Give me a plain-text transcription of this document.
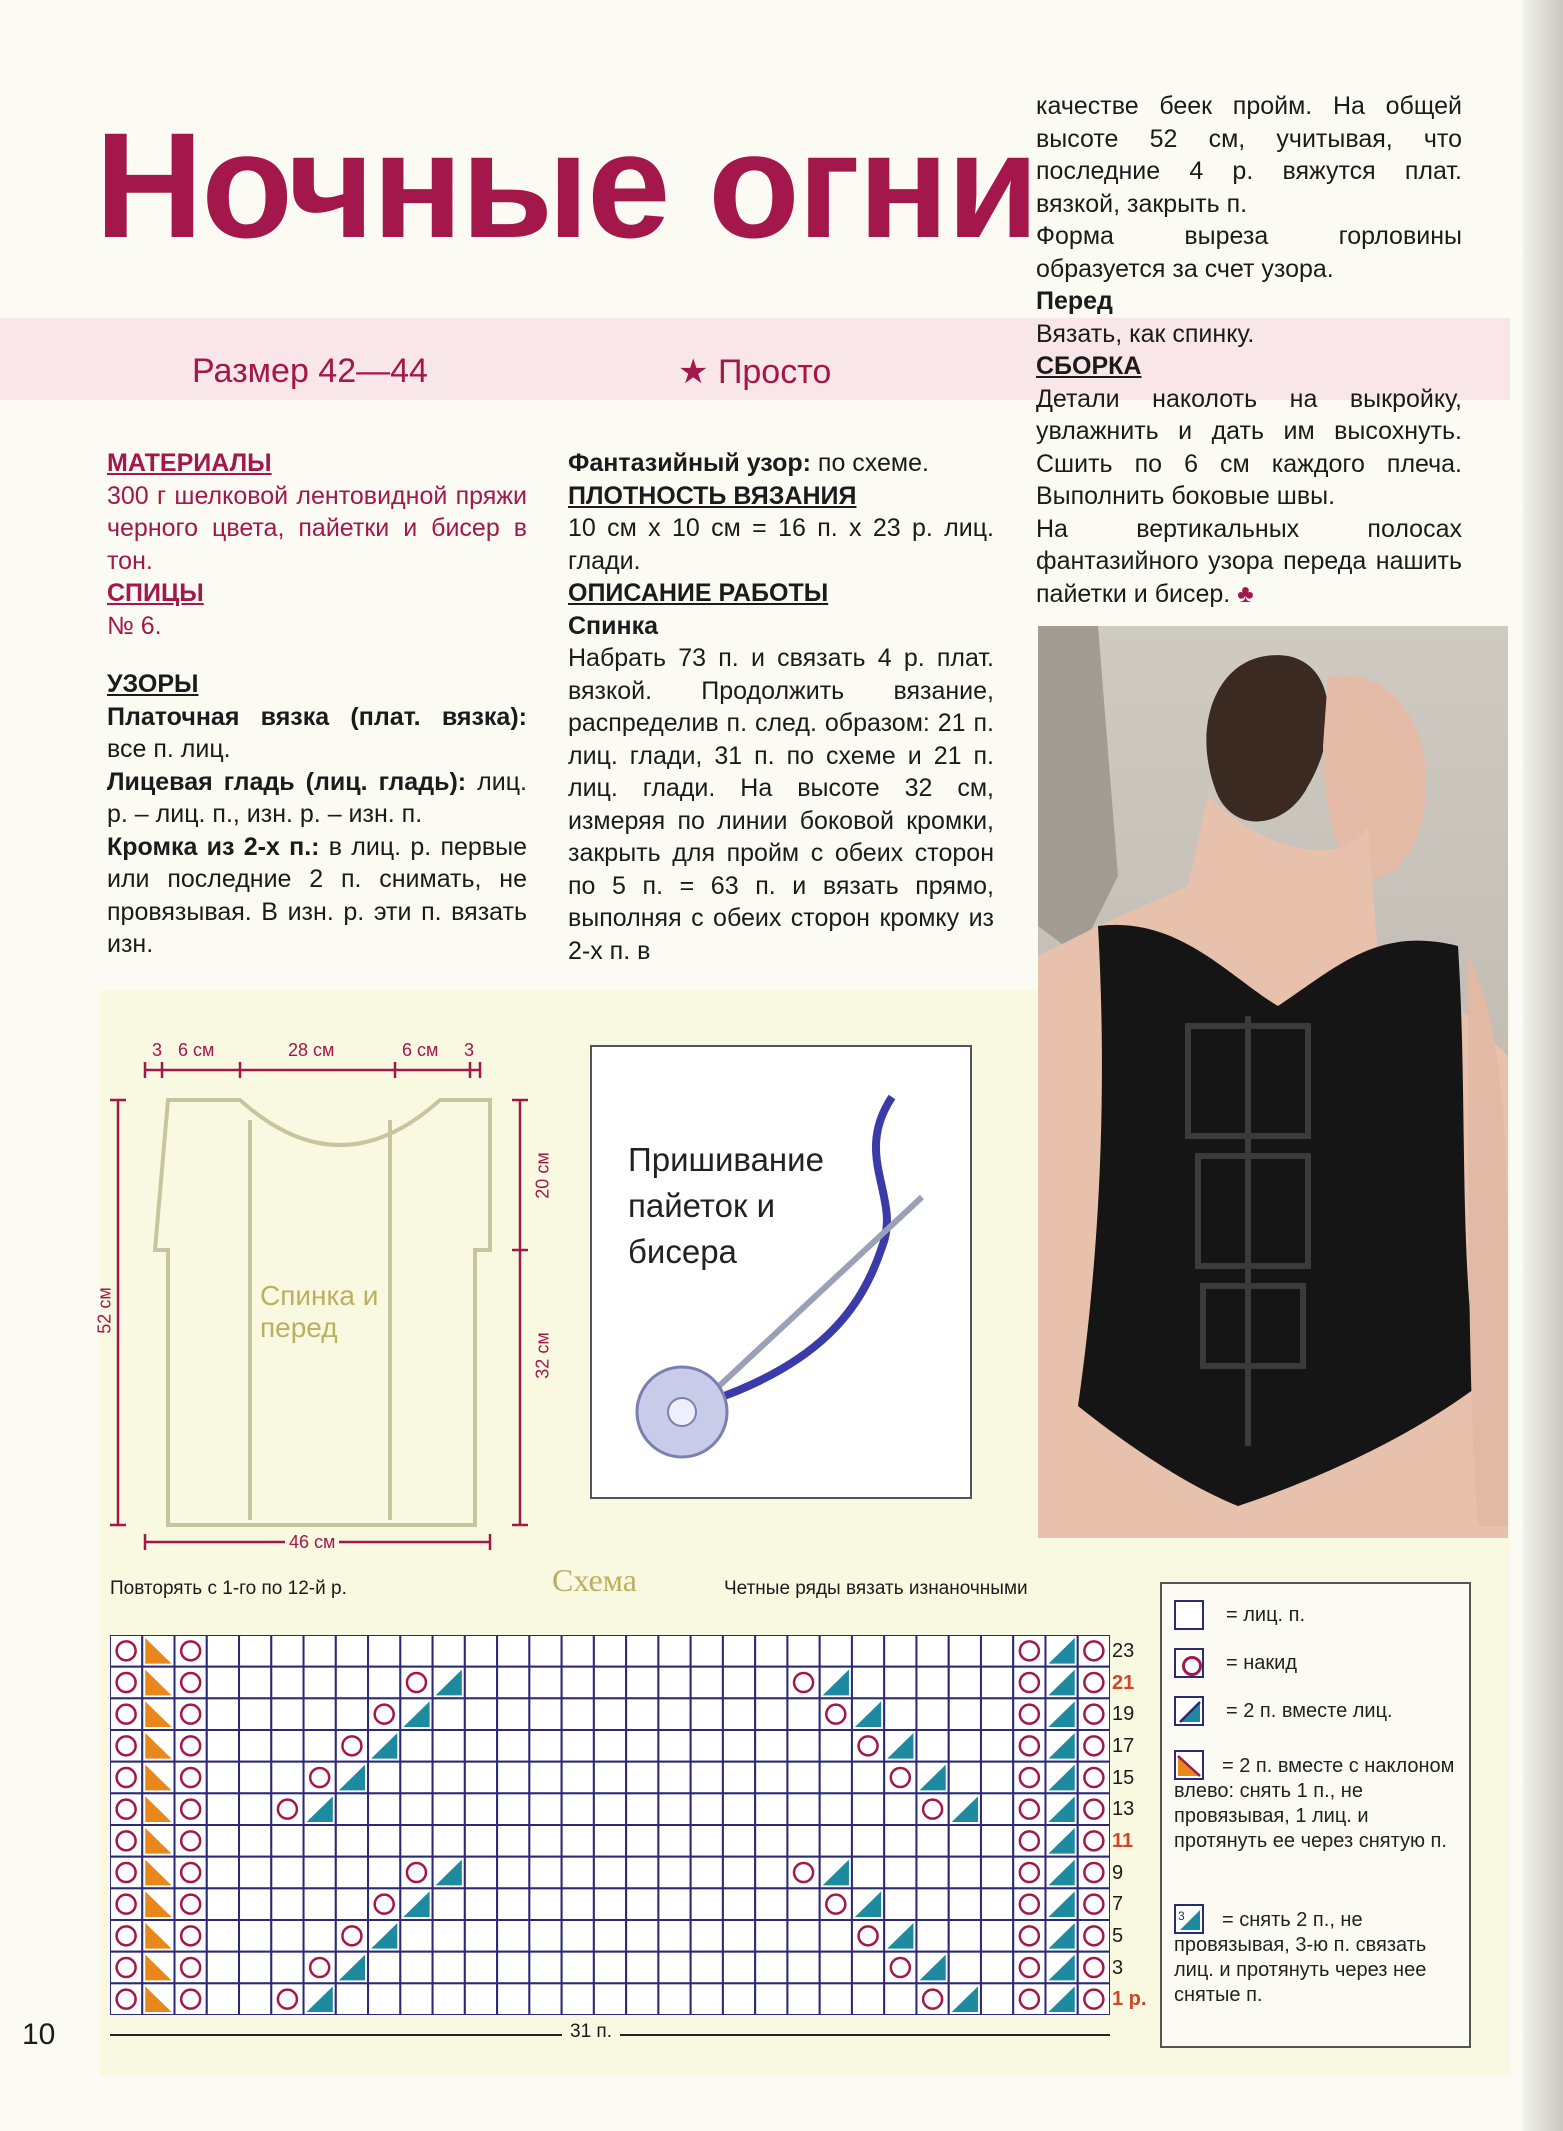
Ночные огни
Размер 42—44	★ Просто

МАТЕРИАЛЫ

300 г шелковой лентовидной пряжи черного цвета, пайетки и бисер в тон.

СПИЦЫ

№ 6.

УЗОРЫ

Платочная вязка (плат. вязка): все п. лиц.

Лицевая гладь (лиц. гладь): лиц. р. – лиц. п., изн. р. – изн. п.

Кромка из 2-х п.: в лиц. р. первые или последние 2 п. снимать, не провязывая. В изн. р. эти п. вязать изн.

Фантазийный узор: по схеме.

ПЛОТНОСТЬ ВЯЗАНИЯ

10 см х 10 см = 16 п. х 23 р. лиц. глади.

ОПИСАНИЕ РАБОТЫ

Спинка

Набрать 73 п. и связать 4 р. плат. вязкой. Продолжить вязание, распределив п. след. образом: 21 п. лиц. глади, 31 п. по схеме и 21 п. лиц. глади. На высоте 32 см, измеряя по линии боковой кромки, закрыть для пройм с обеих сторон по 5 п. = 63 п. и вязать прямо, выполняя с обеих сторон кромку из 2-х п. в

качестве беек пройм. На общей высоте 52 см, учитывая, что последние 4 р. вяжутся плат. вязкой, закрыть п.

Форма выреза горловины образуется за счет узора.

Перед

Вязать, как спинку.

СБОРКА

Детали наколоть на выкройку, увлажнить и дать им высохнуть. Сшить по 6 см каждого плеча. Выполнить боковые швы.

На вертикальных полосах фантазийного узора переда нашить пайетки и бисер. ♣

3 6 см	28 см	6 см 3
52 см
20 см
32 см
46 см
Спинка и перед
Пришивание пайеток и бисера
Повторять с 1-го по 12-й р.	Схема	Четные ряды вязать изнаночными
23
21
19
17
15
13
11
9
7
5
3
1 р.
31 п.
= лиц. п.
= накид
= 2 п. вместе лиц.
= 2 п. вместе с наклоном влево: снять 1 п., не провязывая, 1 лиц. и протянуть ее через снятую п.
3	= снять 2 п., не провязывая, 3-ю п. связать лиц. и протянуть через нее снятые п.
10
